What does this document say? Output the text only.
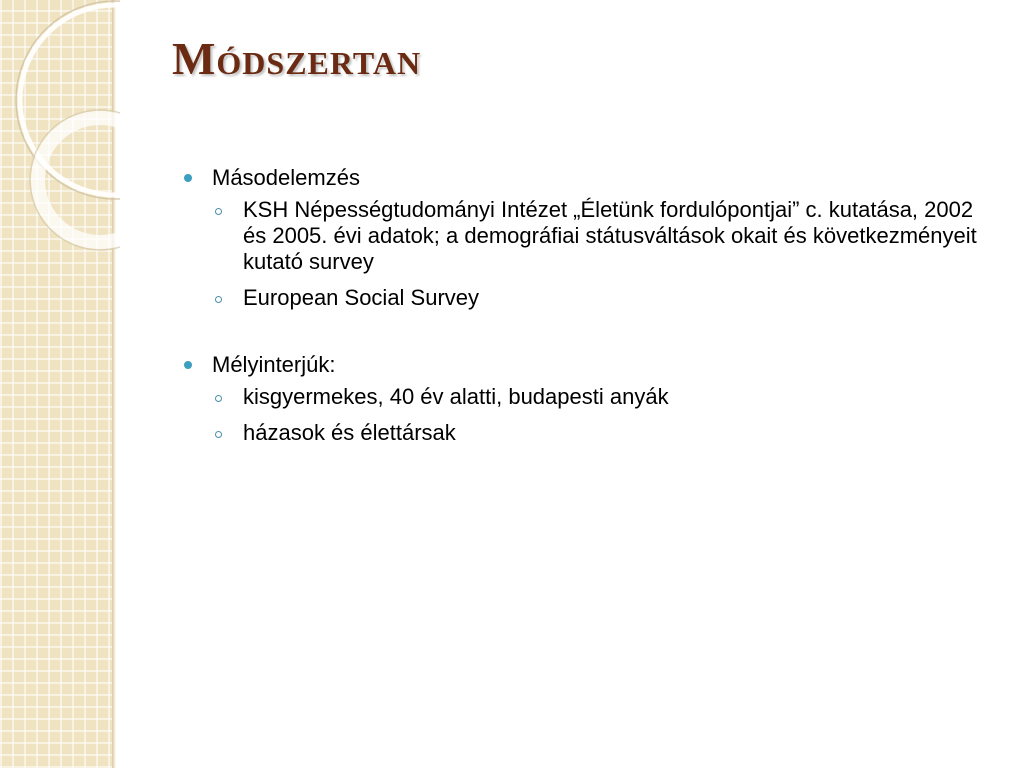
Módszertan
Másodelemzés
KSH Népességtudományi Intézet „Életünk fordulópontjai” c. kutatása, 2002 és 2005. évi adatok; a demográfiai státusváltások okait és következményeit kutató survey
European Social Survey
Mélyinterjúk:
kisgyermekes, 40 év alatti, budapesti anyák
házasok és élettársak
